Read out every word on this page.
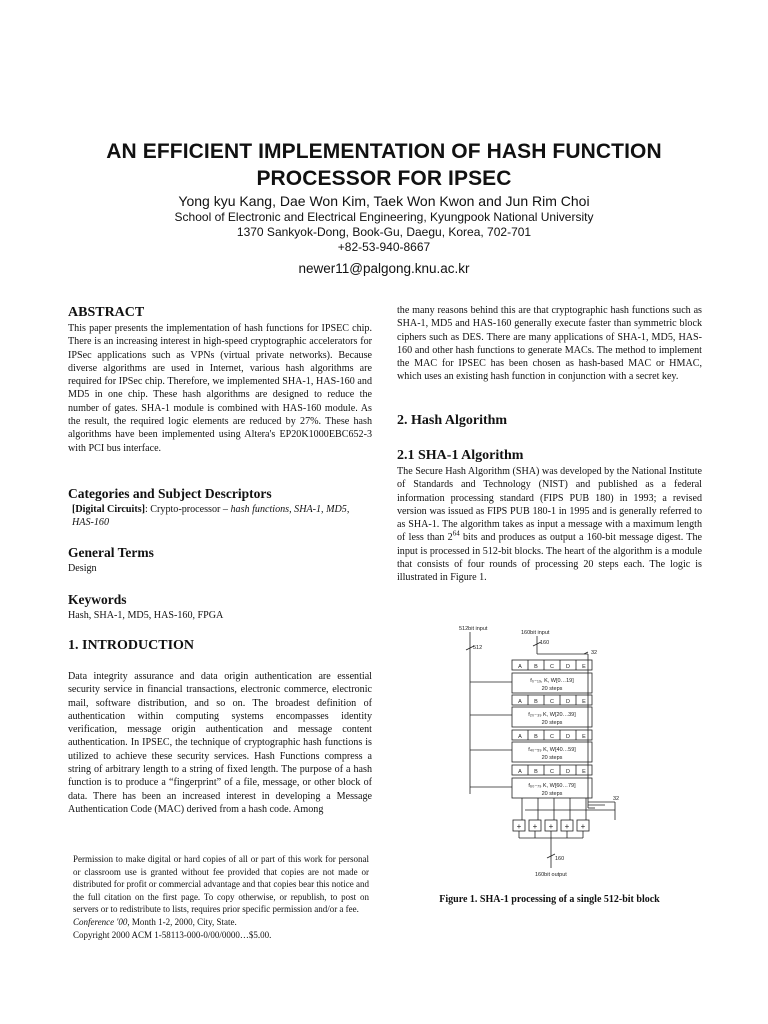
AN EFFICIENT IMPLEMENTATION OF HASH FUNCTION
PROCESSOR FOR IPSEC
Yong kyu Kang, Dae Won Kim, Taek Won Kwon and Jun Rim Choi
School of Electronic and Electrical Engineering, Kyungpook National University
1370 Sankyok-Dong, Book-Gu, Daegu, Korea, 702-701
+82-53-940-8667
newer11@palgong.knu.ac.kr
ABSTRACT

This paper presents the implementation of hash functions for IPSEC chip. There is an increasing interest in high-speed cryptographic accelerators for IPSec applications such as VPNs (virtual private networks). Because diverse algorithms are used in Internet, various hash algorithms are required for IPSec chip. Therefore, we implemented SHA-1, HAS-160 and MD5 in one chip. These hash algorithms are designed to reduce the number of gates. SHA-1 module is combined with HAS-160 module. As the result, the required logic elements are reduced by 27%. These hash algorithms have been implemented using Altera's EP20K1000EBC652-3 with PCI bus interface.

Categories and Subject Descriptors

[Digital Circuits]: Crypto-processor – hash functions, SHA-1, MD5, HAS-160

General Terms

Design

Keywords

Hash, SHA-1, MD5, HAS-160, FPGA

1. INTRODUCTION

Data integrity assurance and data origin authentication are essential security service in financial transactions, electronic commerce, electronic mail, software distribution, and so on. The broadest definition of authentication within computing systems encompasses identity verification, message origin authentication and message content authentication. In IPSEC, the technique of cryptographic hash functions is utilized to achieve these security services. Hash Functions compress a string of arbitrary length to a string of fixed length. The purpose of a hash function is to produce a “fingerprint” of a file, message, or other block of data. There has been an increased interest in developing a Message Authentication Code (MAC) derived from a hash code. Among

Permission to make digital or hard copies of all or part of this work for personal or classroom use is granted without fee provided that copies are not made or distributed for profit or commercial advantage and that copies bear this notice and the full citation on the first page. To copy otherwise, or republish, to post on servers or to redistribute to lists, requires prior specific permission and/or a fee.
Conference '00, Month 1-2, 2000, City, State.
Copyright 2000 ACM 1-58113-000-0/00/0000…$5.00.

the many reasons behind this are that cryptographic hash functions such as SHA-1, MD5 and HAS-160 generally execute faster than symmetric block ciphers such as DES. There are many applications of SHA-1, MD5, HAS-160 and other hash functions to generate MACs. The method to implement the MAC for IPSEC has been chosen as hash-based MAC or HMAC, which uses an existing hash function in conjunction with a secret key.

2. Hash Algorithm
2.1 SHA-1 Algorithm

The Secure Hash Algorithm (SHA) was developed by the National Institute of Standards and Technology (NIST) and published as a federal information processing standard (FIPS PUB 180) in 1993; a revised version was issued as FIPS PUB 180-1 in 1995 and is generally referred to as SHA-1. The algorithm takes as input a message with a maximum length of less than $2^{64}$ bits and produces as output a 160-bit message digest. The input is processed in 512-bit blocks. The heart of the algorithm is a module that consists of four rounds of processing 20 steps each. The logic is illustrated in Figure 1.

512bit input
160bit input
512
160
32
32
A B C D E
A B C D E
A B C D E
A B C D E
f₀₋₁₉, K, W[0…19]
20 steps
f₂₀₋₃₉ K, W[20…39]
20 steps
f₄₀₋₅₉ K, W[40…59]
20 steps
f₆₀₋₇₉ K, W[60…79]
20 steps
+ + + + +
160
160bit output
Figure 1. SHA-1 processing of a single 512-bit block
